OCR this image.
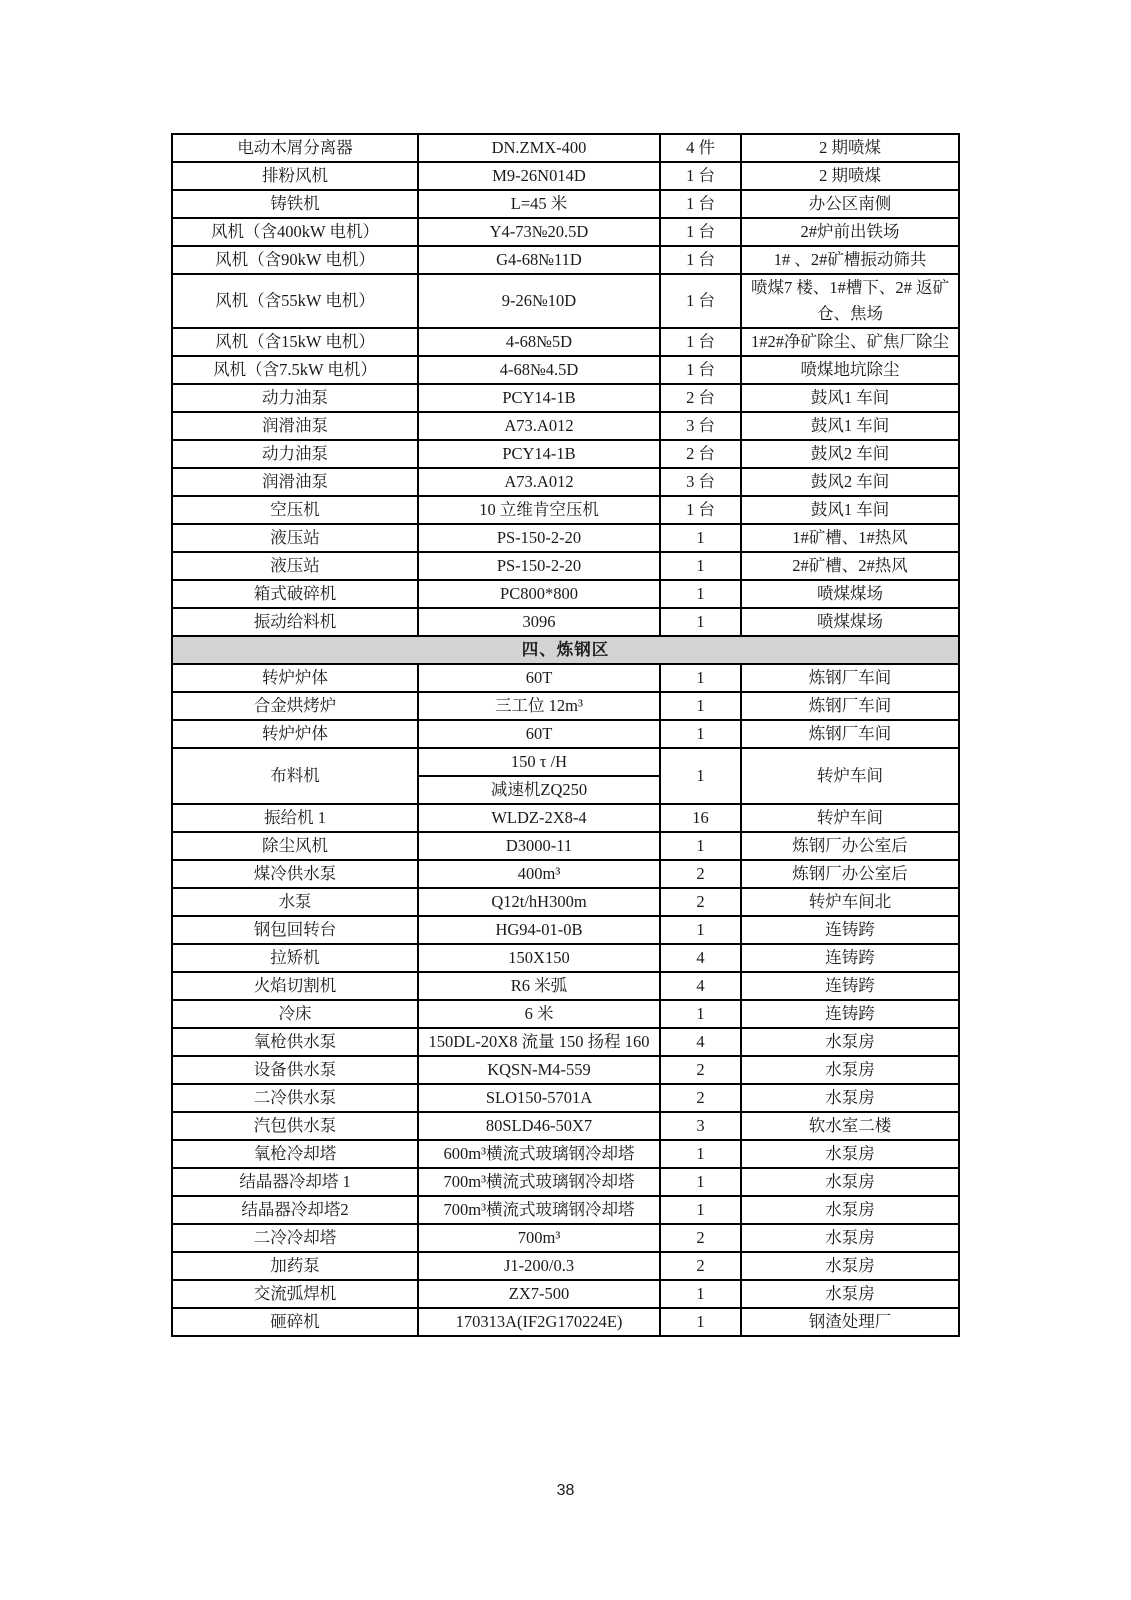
电动木屑分离器	DN.ZMX-400	4 件	2 期喷煤
排粉风机	M9-26N014D	1 台	2 期喷煤
铸铁机	L=45 米	1 台	办公区南侧
风机（含400kW 电机）	Y4-73№20.5D	1 台	2#炉前出铁场
风机（含90kW 电机）	G4-68№11D	1 台	1# 、2#矿槽振动筛共
风机（含55kW 电机）	9-26№10D	1 台	喷煤7 楼、1#槽下、2# 返矿仓、焦场
风机（含15kW 电机）	4-68№5D	1 台	1#2#净矿除尘、矿焦厂除尘
风机（含7.5kW 电机）	4-68№4.5D	1 台	喷煤地坑除尘
动力油泵	PCY14-1B	2 台	鼓风1 车间
润滑油泵	A73.A012	3 台	鼓风1 车间
动力油泵	PCY14-1B	2 台	鼓风2 车间
润滑油泵	A73.A012	3 台	鼓风2 车间
空压机	10 立维肯空压机	1 台	鼓风1 车间
液压站	PS-150-2-20	1	1#矿槽、1#热风
液压站	PS-150-2-20	1	2#矿槽、2#热风
箱式破碎机	PC800*800	1	喷煤煤场
振动给料机	3096	1	喷煤煤场
四、炼钢区			
转炉炉体	60T	1	炼钢厂车间
合金烘烤炉	三工位 12m³	1	炼钢厂车间
转炉炉体	60T	1	炼钢厂车间
布料机	150 τ /H	1	转炉车间
	减速机ZQ250		
振给机 1	WLDZ-2X8-4	16	转炉车间
除尘风机	D3000-11	1	炼钢厂办公室后
煤冷供水泵	400m³	2	炼钢厂办公室后
水泵	Q12t/hH300m	2	转炉车间北
钢包回转台	HG94-01-0B	1	连铸跨
拉矫机	150X150	4	连铸跨
火焰切割机	R6 米弧	4	连铸跨
冷床	6 米	1	连铸跨
氧枪供水泵	150DL-20X8 流量 150 扬程 160	4	水泵房
设备供水泵	KQSN-M4-559	2	水泵房
二冷供水泵	SLO150-5701A	2	水泵房
汽包供水泵	80SLD46-50X7	3	软水室二楼
氧枪冷却塔	600m³横流式玻璃钢冷却塔	1	水泵房
结晶器冷却塔 1	700m³横流式玻璃钢冷却塔	1	水泵房
结晶器冷却塔2	700m³横流式玻璃钢冷却塔	1	水泵房
二冷冷却塔	700m³	2	水泵房
加药泵	J1-200/0.3	2	水泵房
交流弧焊机	ZX7-500	1	水泵房
砸碎机	170313A(IF2G170224E)	1	钢渣处理厂
38
